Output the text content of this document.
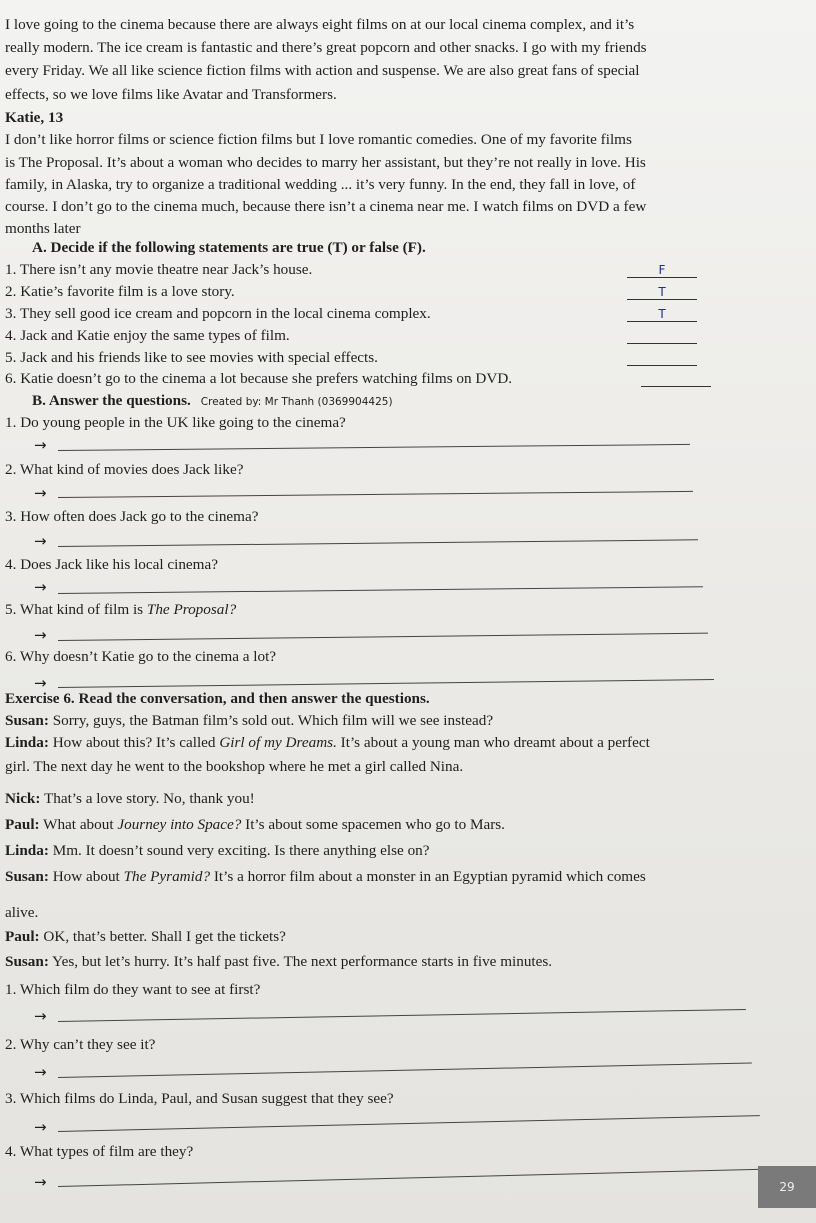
I love going to the cinema because there are always eight films on at our local cinema complex, and it’s
really modern. The ice cream is fantastic and there’s great popcorn and other snacks. I go with my friends
every Friday. We all like science fiction films with action and suspense. We are also great fans of special
effects, so we love films like Avatar and Transformers.
Katie, 13
I don’t like horror films or science fiction films but I love romantic comedies. One of my favorite films
is The Proposal. It’s about a woman who decides to marry her assistant, but they’re not really in love. His
family, in Alaska, try to organize a traditional wedding ... it’s very funny. In the end, they fall in love, of
course. I don’t go to the cinema much, because there isn’t a cinema near me. I watch films on DVD a few
months later
A. Decide if the following statements are true (T) or false (F).
1. There isn’t any movie theatre near Jack’s house.	F
2. Katie’s favorite film is a love story.	T
3. They sell good ice cream and popcorn in the local cinema complex.	T
4. Jack and Katie enjoy the same types of film.
5. Jack and his friends like to see movies with special effects.
6. Katie doesn’t go to the cinema a lot because she prefers watching films on DVD.
B. Answer the questions. Created by: Mr Thanh (0369904425)
1. Do young people in the UK like going to the cinema?
→
2. What kind of movies does Jack like?
→
3. How often does Jack go to the cinema?
→
4. Does Jack like his local cinema?
→
5. What kind of film is The Proposal?
→
6. Why doesn’t Katie go to the cinema a lot?
→
Exercise 6. Read the conversation, and then answer the questions.
Susan: Sorry, guys, the Batman film’s sold out. Which film will we see instead?
Linda: How about this? It’s called Girl of my Dreams. It’s about a young man who dreamt about a perfect
girl. The next day he went to the bookshop where he met a girl called Nina.
Nick: That’s a love story. No, thank you!
Paul: What about Journey into Space? It’s about some spacemen who go to Mars.
Linda: Mm. It doesn’t sound very exciting. Is there anything else on?
Susan: How about The Pyramid? It’s a horror film about a monster in an Egyptian pyramid which comes
alive.
Paul: OK, that’s better. Shall I get the tickets?
Susan: Yes, but let’s hurry. It’s half past five. The next performance starts in five minutes.
1. Which film do they want to see at first?
→
2. Why can’t they see it?
→
3. Which films do Linda, Paul, and Susan suggest that they see?
→
4. What types of film are they?
→	29
